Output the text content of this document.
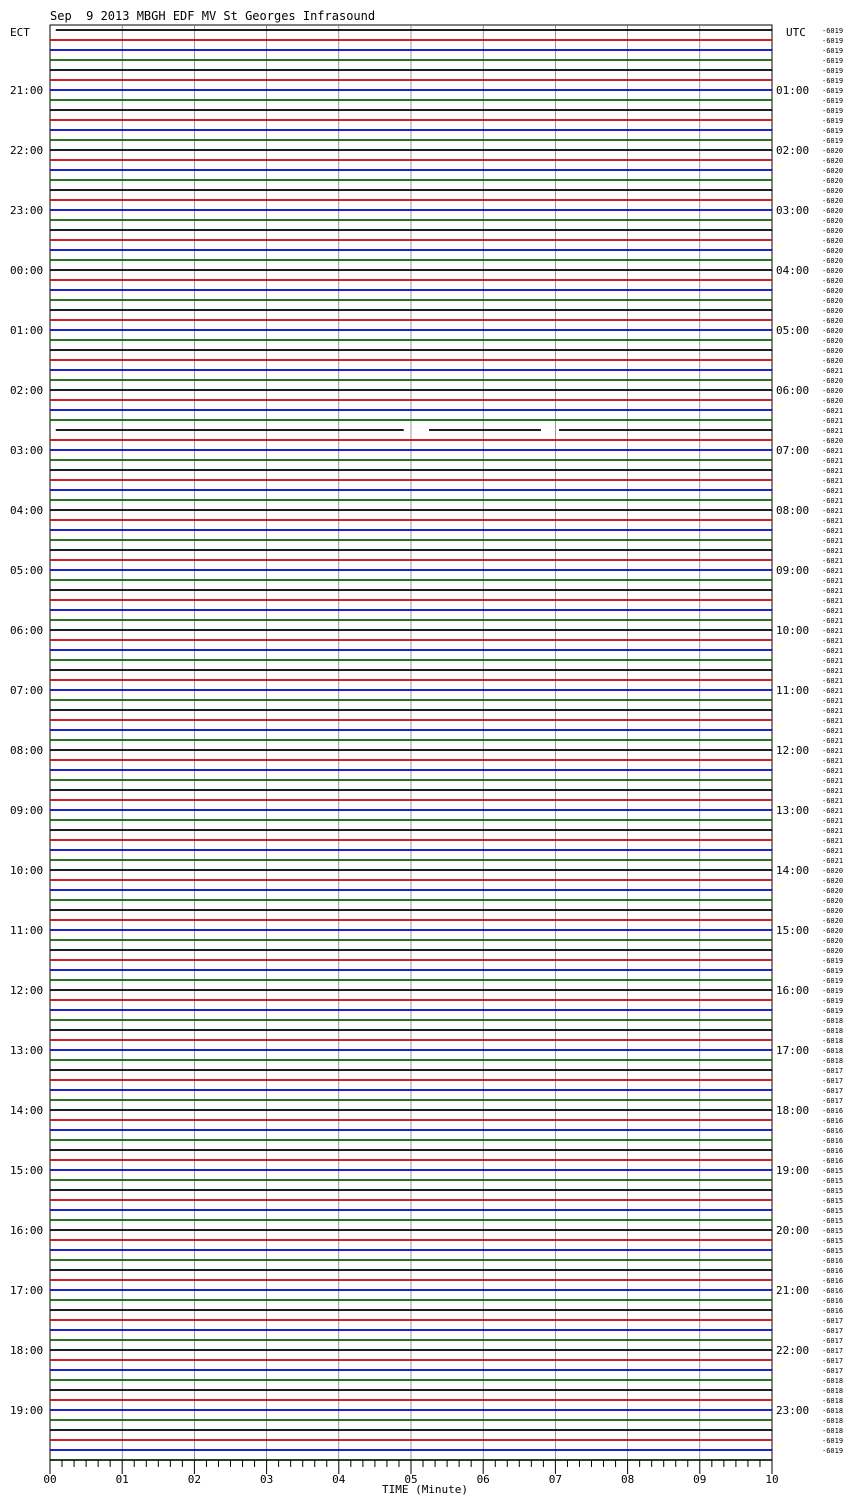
Sep  9 2013 MBGH EDF MV St Georges Infrasound
ECT	UTC
21:00
22:00
23:00
00:00
01:00
02:00
03:00
04:00
05:00
06:00
07:00
08:00
09:00
10:00
11:00
12:00
13:00
14:00
15:00
16:00
17:00
18:00
19:00
01:00
02:00
03:00
04:00
05:00
06:00
07:00
08:00
09:00
10:00
11:00
12:00
13:00
14:00
15:00
16:00
17:00
18:00
19:00
20:00
21:00
22:00
23:00
-6019
-6019
-6019
-6019
-6019
-6019
-6019
-6019
-6019
-6019
-6019
-6019
-6020
-6020
-6020
-6020
-6020
-6020
-6020
-6020
-6020
-6020
-6020
-6020
-6020
-6020
-6020
-6020
-6020
-6020
-6020
-6020
-6020
-6020
-6021
-6020
-6020
-6020
-6021
-6021
-6021
-6020
-6021
-6021
-6021
-6021
-6021
-6021
-6021
-6021
-6021
-6021
-6021
-6021
-6021
-6021
-6021
-6021
-6021
-6021
-6021
-6021
-6021
-6021
-6021
-6021
-6021
-6021
-6021
-6021
-6021
-6021
-6021
-6021
-6021
-6021
-6021
-6021
-6021
-6021
-6021
-6021
-6021
-6021
-6020
-6020
-6020
-6020
-6020
-6020
-6020
-6020
-6020
-6019
-6019
-6019
-6019
-6019
-6019
-6018
-6018
-6018
-6018
-6018
-6017
-6017
-6017
-6017
-6016
-6016
-6016
-6016
-6016
-6016
-6015
-6015
-6015
-6015
-6015
-6015
-6015
-6015
-6015
-6016
-6016
-6016
-6016
-6016
-6016
-6017
-6017
-6017
-6017
-6017
-6017
-6018
-6018
-6018
-6018
-6018
-6018
-6019
-6019
00	01	02	03	04	05	06	07	08	09	10
TIME (Minute)
